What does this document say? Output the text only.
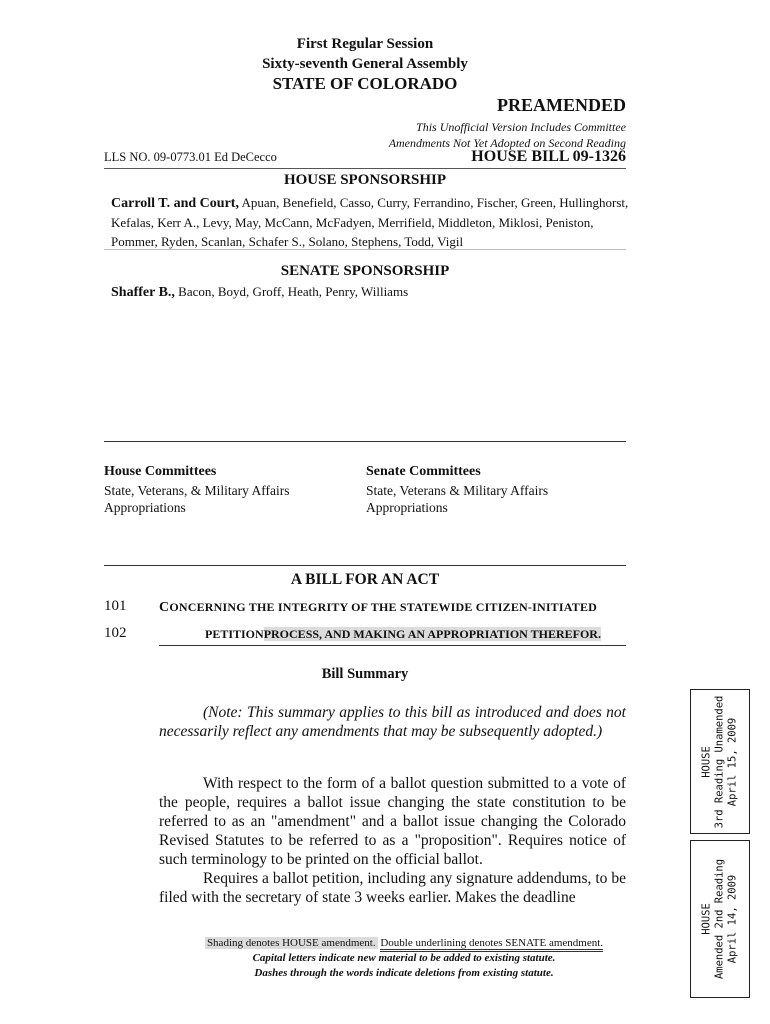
First Regular Session
Sixty-seventh General Assembly
STATE OF COLORADO
PREAMENDED
This Unofficial Version Includes Committee
Amendments Not Yet Adopted on Second Reading
LLS NO. 09-0773.01 Ed DeCecco	HOUSE BILL 09-1326
HOUSE SPONSORSHIP
Carroll T. and Court, Apuan, Benefield, Casso, Curry, Ferrandino, Fischer, Green, Hullinghorst, Kefalas, Kerr A., Levy, May, McCann, McFadyen, Merrifield, Middleton, Miklosi, Peniston, Pommer, Ryden, Scanlan, Schafer S., Solano, Stephens, Todd, Vigil
SENATE SPONSORSHIP
Shaffer B., Bacon, Boyd, Groff, Heath, Penry, Williams
House Committees
State, Veterans, & Military Affairs
Appropriations
Senate Committees
State, Veterans & Military Affairs
Appropriations
A BILL FOR AN ACT
101 CONCERNING THE INTEGRITY OF THE STATEWIDE CITIZEN-INITIATED
102	PETITIONPROCESS, AND MAKING AN APPROPRIATION THEREFOR.
Bill Summary
(Note: This summary applies to this bill as introduced and does not necessarily reflect any amendments that may be subsequently adopted.)

With respect to the form of a ballot question submitted to a vote of the people, requires a ballot issue changing the state constitution to be referred to as an "amendment" and a ballot issue changing the Colorado Revised Statutes to be referred to as a "proposition". Requires notice of such terminology to be printed on the official ballot.

Requires a ballot petition, including any signature addendums, to be filed with the secretary of state 3 weeks earlier. Makes the deadline

Shading denotes HOUSE amendment. Double underlining denotes SENATE amendment.
Capital letters indicate new material to be added to existing statute.
Dashes through the words indicate deletions from existing statute.
HOUSE 3rd Reading Unamended April 15, 2009
HOUSE Amended 2nd Reading April 14, 2009
